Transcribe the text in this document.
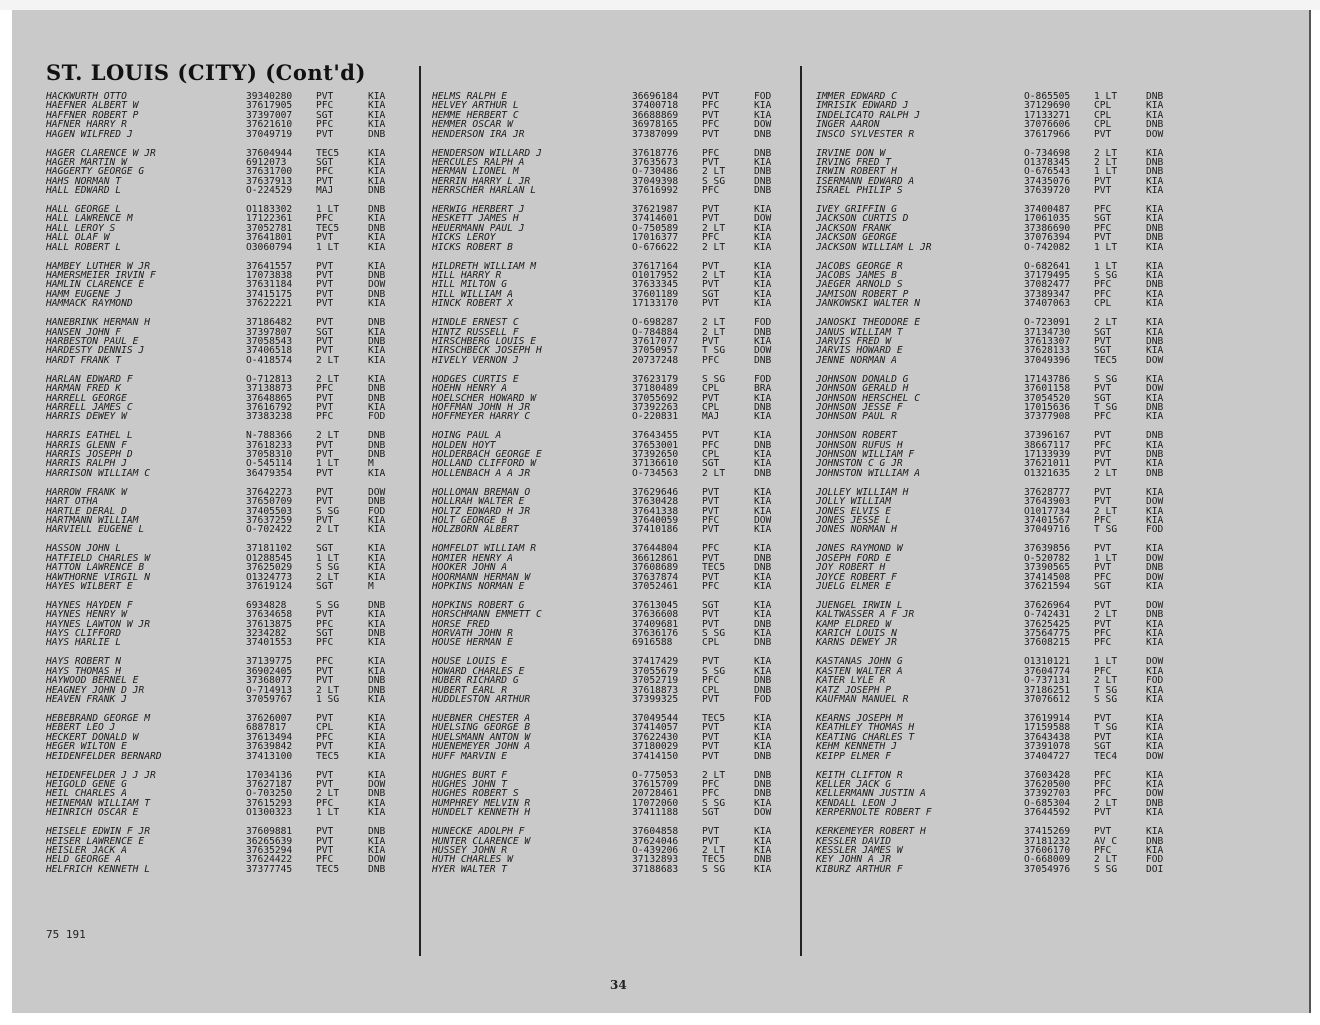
ST. LOUIS (CITY) (Cont'd)
HACKWURTH OTTO	39340280	PVT	KIA
HAEFNER ALBERT W	37617905	PFC	KIA
HAFFNER ROBERT P	37397007	SGT	KIA
HAFNER HARRY R	37621610	PFC	KIA
HAGEN WILFRED J	37049719	PVT	DNB
HAGER CLARENCE W JR	37604944	TEC5	KIA
HAGER MARTIN W	6912073	SGT	KIA
HAGGERTY GEORGE G	37631700	PFC	KIA
HAHS NORMAN T	37637913	PVT	KIA
HALL EDWARD L	O-224529	MAJ	DNB
HALL GEORGE L	O1183302	1 LT	DNB
HALL LAWRENCE M	17122361	PFC	KIA
HALL LEROY S	37052781	TEC5	DNB
HALL OLAF W	37641801	PVT	KIA
HALL ROBERT L	O3060794	1 LT	KIA
HAMBEY LUTHER W JR	37641557	PVT	KIA
HAMERSMEIER IRVIN F	17073838	PVT	DNB
HAMLIN CLARENCE E	37631184	PVT	DOW
HAMM EUGENE J	37415175	PVT	DNB
HAMMACK RAYMOND	37622221	PVT	KIA
HANEBRINK HERMAN H	37186482	PVT	DNB
HANSEN JOHN F	37397807	SGT	KIA
HARBESTON PAUL E	37058543	PVT	DNB
HARDESTY DENNIS J	37406518	PVT	KIA
HARDT FRANK T	O-418574	2 LT	KIA
HARLAN EDWARD F	O-712813	2 LT	KIA
HARMAN FRED K	37138873	PFC	DNB
HARRELL GEORGE	37648865	PVT	DNB
HARRELL JAMES C	37616792	PVT	KIA
HARRIS DEWEY W	37383238	PFC	FOD
HARRIS EATHEL L	N-788366	2 LT	DNB
HARRIS GLENN F	37618233	PVT	DNB
HARRIS JOSEPH D	37058310	PVT	DNB
HARRIS RALPH J	O-545114	1 LT	M
HARRISON WILLIAM C	36479354	PVT	KIA
HARROW FRANK W	37642273	PVT	DOW
HART OTHA	37650709	PVT	DNB
HARTLE DERAL D	37405503	S SG	FOD
HARTMANN WILLIAM	37637259	PVT	KIA
HARVIELL EUGENE L	O-702422	2 LT	KIA
HASSON JOHN L	37181102	SGT	KIA
HATFIELD CHARLES W	O1288545	1 LT	KIA
HATTON LAWRENCE B	37625029	S SG	KIA
HAWTHORNE VIRGIL N	O1324773	2 LT	KIA
HAYES WILBERT E	37619124	SGT	M
HAYNES HAYDEN F	6934828	S SG	DNB
HAYNES HENRY W	37634658	PVT	KIA
HAYNES LAWTON W JR	37613875	PFC	KIA
HAYS CLIFFORD	3234282	SGT	DNB
HAYS HARLIE L	37401553	PFC	KIA
HAYS ROBERT N	37139775	PFC	KIA
HAYS THOMAS H	36902405	PVT	KIA
HAYWOOD BERNEL E	37368077	PVT	DNB
HEAGNEY JOHN D JR	O-714913	2 LT	DNB
HEAVEN FRANK J	37059767	1 SG	KIA
HEBEBRAND GEORGE M	37626007	PVT	KIA
HEBERT LEO J	6887817	CPL	KIA
HECKERT DONALD W	37613494	PFC	KIA
HEGER WILTON E	37639842	PVT	KIA
HEIDENFELDER BERNARD	37413100	TEC5	KIA
HEIDENFELDER J J JR	17034136	PVT	KIA
HEIGOLD GENE G	37627187	PVT	DOW
HEIL CHARLES A	O-703250	2 LT	DNB
HEINEMAN WILLIAM T	37615293	PFC	KIA
HEINRICH OSCAR E	O1300323	1 LT	KIA
HEISELE EDWIN F JR	37609881	PVT	DNB
HEISER LAWRENCE E	36265639	PVT	KIA
HEISLER JACK A	37635294	PVT	KIA
HELD GEORGE A	37624422	PFC	DOW
HELFRICH KENNETH L	37377745	TEC5	DNB
HELMS RALPH E	36696184	PVT	FOD
HELVEY ARTHUR L	37400718	PFC	KIA
HEMME HERBERT C	36688869	PVT	KIA
HEMMER OSCAR W	36978165	PFC	DOW
HENDERSON IRA JR	37387099	PVT	DNB
HENDERSON WILLARD J	37618776	PFC	DNB
HERCULES RALPH A	37635673	PVT	KIA
HERMAN LIONEL M	O-730486	2 LT	DNB
HERRIN HARRY L JR	37049398	S SG	DNB
HERRSCHER HARLAN L	37616992	PFC	DNB
HERWIG HERBERT J	37621987	PVT	KIA
HESKETT JAMES H	37414601	PVT	DOW
HEUERMANN PAUL J	O-750589	2 LT	KIA
HICKS LEROY	17016377	PFC	KIA
HICKS ROBERT B	O-676622	2 LT	KIA
HILDRETH WILLIAM M	37617164	PVT	KIA
HILL HARRY R	O1017952	2 LT	KIA
HILL MILTON G	37633345	PVT	KIA
HILL WILLIAM A	37601189	SGT	KIA
HINCK ROBERT X	17133170	PVT	KIA
HINDLE ERNEST C	O-698287	2 LT	FOD
HINTZ RUSSELL F	O-784884	2 LT	DNB
HIRSCHBERG LOUIS E	37617077	PVT	KIA
HIRSCHBECK JOSEPH H	37050957	T SG	DOW
HIVELY VERNON J	20737248	PFC	DNB
HODGES CURTIS E	37623179	S SG	FOD
HOEHN HENRY A	37180489	CPL	BRA
HOELSCHER HOWARD W	37055692	PVT	KIA
HOFFMAN JOHN H JR	37392263	CPL	DNB
HOFFMEYER HARRY C	O-220831	MAJ	KIA
HOING PAUL A	37643455	PVT	KIA
HOLDEN HOYT	37653001	PFC	DNB
HOLDERBACH GEORGE E	37392650	CPL	KIA
HOLLAND CLIFFORD W	37136610	SGT	KIA
HOLLENBACH A A JR	O-734563	2 LT	DNB
HOLLOMAN BREMAN O	37629646	PVT	KIA
HOLLRAH WALTER E	37630428	PVT	KIA
HOLTZ EDWARD H JR	37641338	PVT	KIA
HOLT GEORGE B	37640059	PFC	DOW
HOLZBORN ALBERT	37410186	PVT	KIA
HOMFELDT WILLIAM R	37644804	PFC	KIA
HOMIER HENRY A	36612861	PVT	DNB
HOOKER JOHN A	37608689	TEC5	DNB
HOORMANN HERMAN W	37637874	PVT	KIA
HOPKINS NORMAN E	37052461	PFC	KIA
HOPKINS ROBERT G	37613045	SGT	KIA
HORSCHMANN EMMETT C	37636608	PVT	KIA
HORSE FRED	37409681	PVT	DNB
HORVATH JOHN R	37636176	S SG	KIA
HOUSE HERMAN E	6916588	CPL	DNB
HOUSE LOUIS E	37417429	PVT	KIA
HOWARD CHARLES E	37055679	S SG	KIA
HUBER RICHARD G	37052719	PFC	DNB
HUBERT EARL R	37618873	CPL	DNB
HUDDLESTON ARTHUR	37399325	PVT	FOD
HUEBNER CHESTER A	37049544	TEC5	KIA
HUELSING GEORGE B	37414057	PVT	KIA
HUELSMANN ANTON W	37622430	PVT	KIA
HUENEMEYER JOHN A	37180029	PVT	KIA
HUFF MARVIN E	37414150	PVT	DNB
HUGHES BURT F	O-775053	2 LT	DNB
HUGHES JOHN T	37615709	PFC	DNB
HUGHES ROBERT S	20728461	PFC	DNB
HUMPHREY MELVIN R	17072060	S SG	KIA
HUNDELT KENNETH H	37411188	SGT	DOW
HUNECKE ADOLPH F	37604858	PVT	KIA
HUNTER CLARENCE W	37624046	PVT	KIA
HUSSEY JOHN R	O-439206	2 LT	KIA
HUTH CHARLES W	37132893	TEC5	DNB
HYER WALTER T	37188683	S SG	KIA
IMMER EDWARD C	O-865505	1 LT	DNB
IMRISIK EDWARD J	37129690	CPL	KIA
INDELICATO RALPH J	17133271	CPL	KIA
INGER AARON	37076606	CPL	DNB
INSCO SYLVESTER R	37617966	PVT	DOW
IRVINE DON W	O-734698	2 LT	KIA
IRVING FRED T	O1378345	2 LT	DNB
IRWIN ROBERT H	O-676543	1 LT	DNB
ISERMANN EDWARD A	37435076	PVT	KIA
ISRAEL PHILIP S	37639720	PVT	KIA
IVEY GRIFFIN G	37400487	PFC	KIA
JACKSON CURTIS D	17061035	SGT	KIA
JACKSON FRANK	37386690	PFC	DNB
JACKSON GEORGE	37076394	PVT	DNB
JACKSON WILLIAM L JR	O-742082	1 LT	KIA
JACOBS GEORGE R	O-682641	1 LT	KIA
JACOBS JAMES B	37179495	S SG	KIA
JAEGER ARNOLD S	37082477	PFC	DNB
JAMISON ROBERT P	37389347	PFC	KIA
JANKOWSKI WALTER N	37407063	CPL	KIA
JANOSKI THEODORE E	O-723091	2 LT	KIA
JANUS WILLIAM T	37134730	SGT	KIA
JARVIS FRED W	37613307	PVT	DNB
JARVIS HOWARD E	37628133	SGT	KIA
JENNE NORMAN A	37049396	TEC5	DOW
JOHNSON DONALD G	17143786	S SG	KIA
JOHNSON GERALD H	37601158	PVT	DOW
JOHNSON HERSCHEL C	37054520	SGT	KIA
JOHNSON JESSE F	17015636	T SG	DNB
JOHNSON PAUL R	37377908	PFC	KIA
JOHNSON ROBERT	37396167	PVT	DNB
JOHNSON RUFUS H	38667117	PFC	KIA
JOHNSON WILLIAM F	17133939	PVT	DNB
JOHNSTON C G JR	37621011	PVT	KIA
JOHNSTON WILLIAM A	O1321635	2 LT	DNB
JOLLEY WILLIAM H	37628777	PVT	KIA
JOLLY WILLIAM	37643903	PVT	DOW
JONES ELVIS E	O1017734	2 LT	KIA
JONES JESSE L	37401567	PFC	KIA
JONES NORMAN H	37049716	T SG	FOD
JONES RAYMOND W	37639856	PVT	KIA
JOSEPH FORD E	O-520782	1 LT	DOW
JOY ROBERT H	37390565	PVT	DNB
JOYCE ROBERT F	37414508	PFC	DOW
JUELG ELMER E	37621594	SGT	KIA
JUENGEL IRWIN L	37626964	PVT	DOW
KALTWASSER A F JR	O-742431	2 LT	DNB
KAMP ELDRED W	37625425	PVT	KIA
KARICH LOUIS N	37564775	PFC	KIA
KARNS DEWEY JR	37608215	PFC	KIA
KASTANAS JOHN G	O1310121	1 LT	DOW
KASTEN WALTER A	37604774	PFC	KIA
KATER LYLE R	O-737131	2 LT	FOD
KATZ JOSEPH P	37186251	T SG	KIA
KAUFMAN MANUEL R	37076612	S SG	KIA
KEARNS JOSEPH M	37619914	PVT	KIA
KEATHLEY THOMAS H	17159588	T SG	KIA
KEATING CHARLES T	37643438	PVT	KIA
KEHM KENNETH J	37391078	SGT	KIA
KEIPP ELMER F	37404727	TEC4	DOW
KEITH CLIFTON R	37603428	PFC	KIA
KELLER JACK G	37620500	PFC	KIA
KELLERMANN JUSTIN A	37392703	PFC	DOW
KENDALL LEON J	O-685304	2 LT	DNB
KERPERNOLTE ROBERT F	37644592	PVT	KIA
KERKEMEYER ROBERT H	37415269	PVT	KIA
KESSLER DAVID	37181232	AV C	DNB
KESSLER JAMES W	37606170	PFC	KIA
KEY JOHN A JR	O-668009	2 LT	FOD
KIBURZ ARTHUR F	37054976	S SG	DOI
75 191
34
